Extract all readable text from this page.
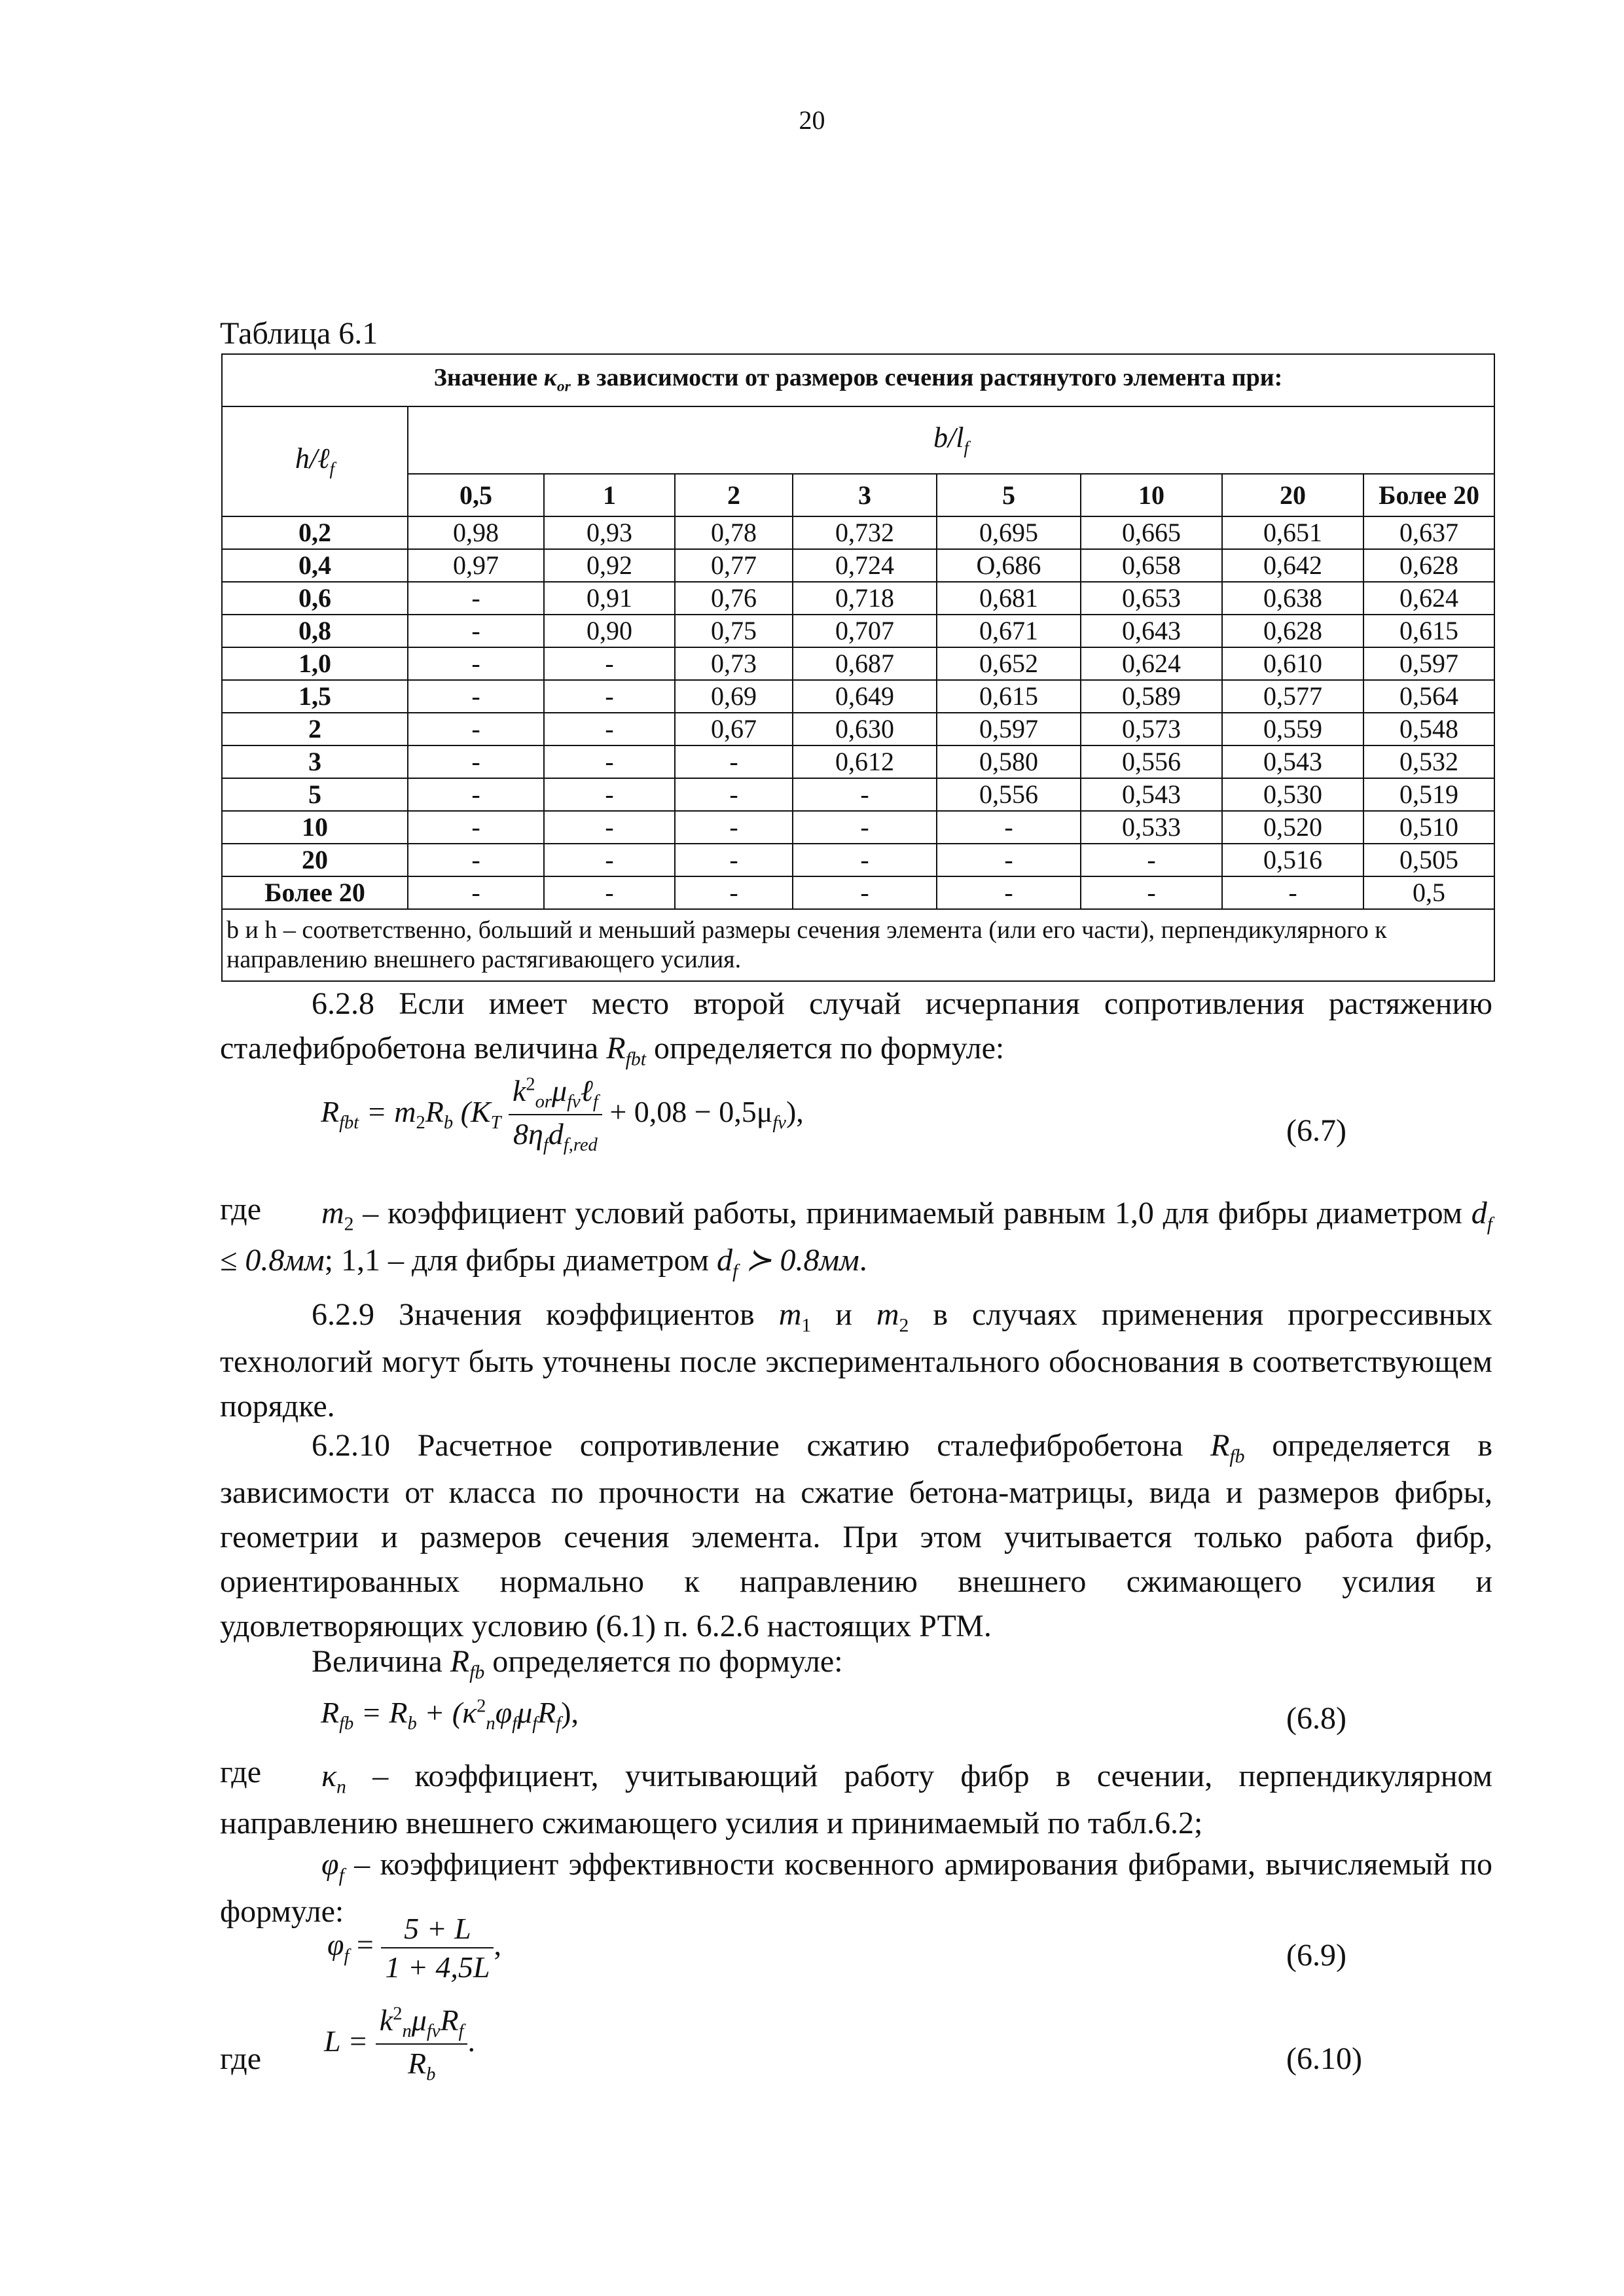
20
Таблица 6.1
Значение $\kappa_{or}$ в зависимости от размеров сечения растянутого элемента при:								
h/ℓ$_f$	$b/l_f$
	0,5	1	2	3	5	10	20	Более 20
0,2	0,98	0,93	0,78	0,732	0,695	0,665	0,651	0,637
0,4	0,97	0,92	0,77	0,724	О,686	0,658	0,642	0,628
0,6	-	0,91	0,76	0,718	0,681	0,653	0,638	0,624
0,8	-	0,90	0,75	0,707	0,671	0,643	0,628	0,615
1,0	-	-	0,73	0,687	0,652	0,624	0,610	0,597
1,5	-	-	0,69	0,649	0,615	0,589	0,577	0,564
2	-	-	0,67	0,630	0,597	0,573	0,559	0,548
3	-	-	-	0,612	0,580	0,556	0,543	0,532
5	-	-	-	-	0,556	0,543	0,530	0,519
10	-	-	-	-	-	0,533	0,520	0,510
20	-	-	-	-	-	-	0,516	0,505
Более 20	-	-	-	-	-	-	-	0,5
b и h – соответственно, больший и меньший размеры сечения элемента (или его части), перпендикулярного к направлению внешнего растягивающего усилия.								
6.2.8 Если имеет место второй случай исчерпания сопротивления растяжению сталефибробетона величина $R_{fbt}$ определяется по формуле:
$R_{fbt} = m_2R_b$ $(K_T \frac{k^2_{or}\mu_{fv}\ell_f}{8\eta_fd_{f,red}} + 0,08 - 0,5\mu_{fv})$,
(6.7)
где	$m_2$ – коэффициент условий работы, принимаемый равным 1,0 для фибры диаметром $d_f \le 0.8мм$; 1,1 – для фибры диаметром $d_f$ ≻ 0.8мм.
6.2.9 Значения коэффициентов $m_1$ и $m_2$ в случаях применения прогрессивных технологий могут быть уточнены после экспериментального обоснования в соответствующем порядке.
6.2.10 Расчетное сопротивление сжатию сталефибробетона $R_{fb}$ определяется в зависимости от класса по прочности на сжатие бетона-матрицы, вида и размеров фибры, геометрии и размеров сечения элемента. При этом учитывается только работа фибр, ориентированных нормально к направлению внешнего сжимающего усилия и удовлетворяющих условию (6.1) п. 6.2.6 настоящих РТМ.
Величина $R_{fb}$ определяется по формуле:
$R_{fb} = R_b + (\kappa^2_n\varphi_f\mu_fR_f)$,	(6.8)
где	$\kappa_n$ – коэффициент, учитывающий работу фибр в сечении, перпендикулярном направлению внешнего сжимающего усилия и принимаемый по табл.6.2;
$\varphi_f$ – коэффициент эффективности косвенного армирования фибрами, вычисляемый по формуле:
$\varphi_f = \frac{5 + L}{1 + 4,5L}$ ,	(6.9)
где
$L = \frac{k^2_n\mu_{fv}R_f}{R_b}$ .
(6.10)
